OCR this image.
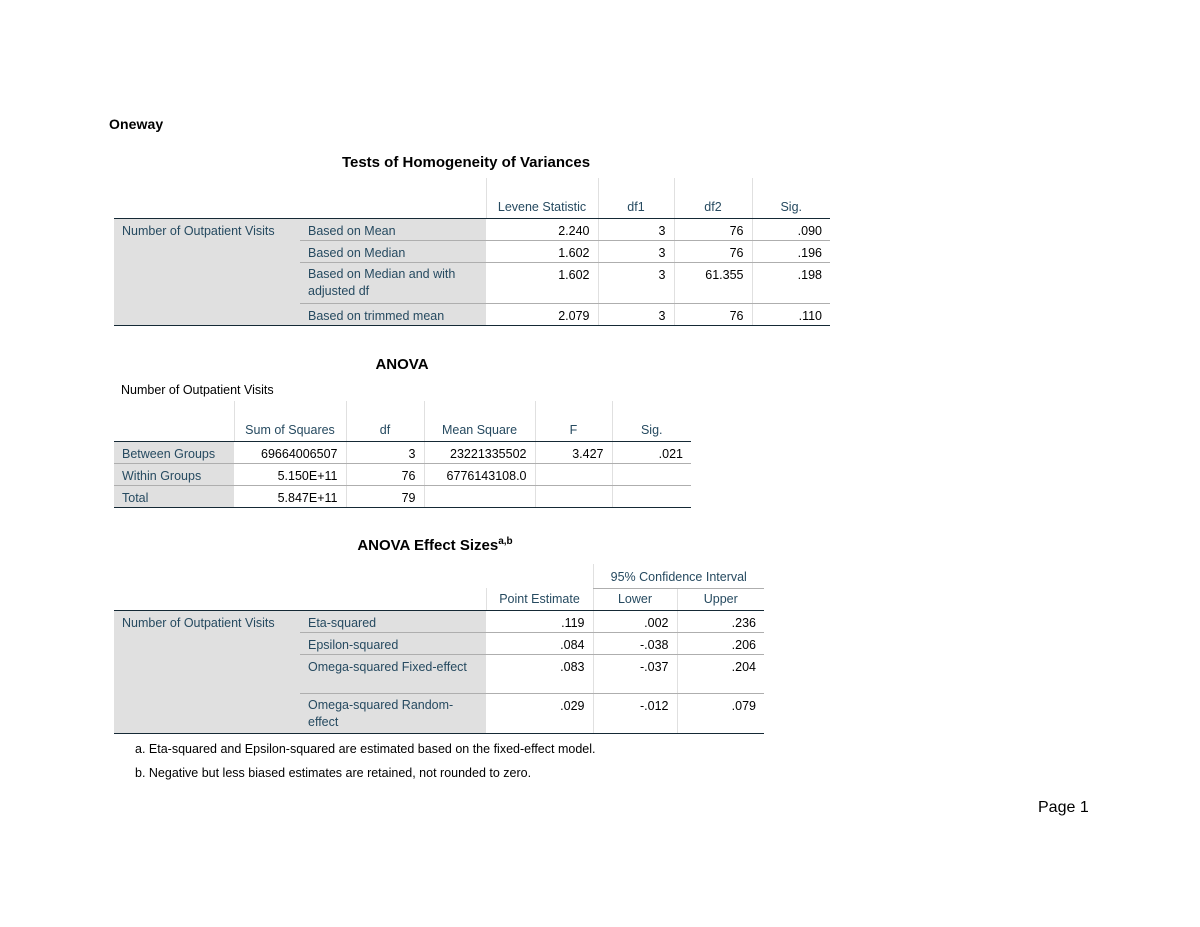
Oneway
Tests of Homogeneity of Variances
		Levene Statistic	df1	df2	Sig.
Number of Outpatient Visits	Based on Mean	2.240	3	76	.090
	Based on Median	1.602	3	76	.196
	Based on Median and with adjusted df	1.602	3	61.355	.198
	Based on trimmed mean	2.079	3	76	.110
ANOVA
Number of Outpatient Visits
	Sum of Squares	df	Mean Square	F	Sig.
Between Groups	69664006507	3	23221335502	3.427	.021
Within Groups	5.150E+11	76	6776143108.0		
Total	5.847E+11	79			
ANOVA Effect Sizes$^{a,b}$
			95% Confidence Interval	
		Point Estimate	Lower	Upper
Number of Outpatient Visits	Eta-squared	.119	.002	.236
	Epsilon-squared	.084	-.038	.206
	Omega-squared Fixed-effect	.083	-.037	.204
	Omega-squared Random-effect	.029	-.012	.079
a. Eta-squared and Epsilon-squared are estimated based on the fixed-effect model.
b. Negative but less biased estimates are retained, not rounded to zero.
Page 1
